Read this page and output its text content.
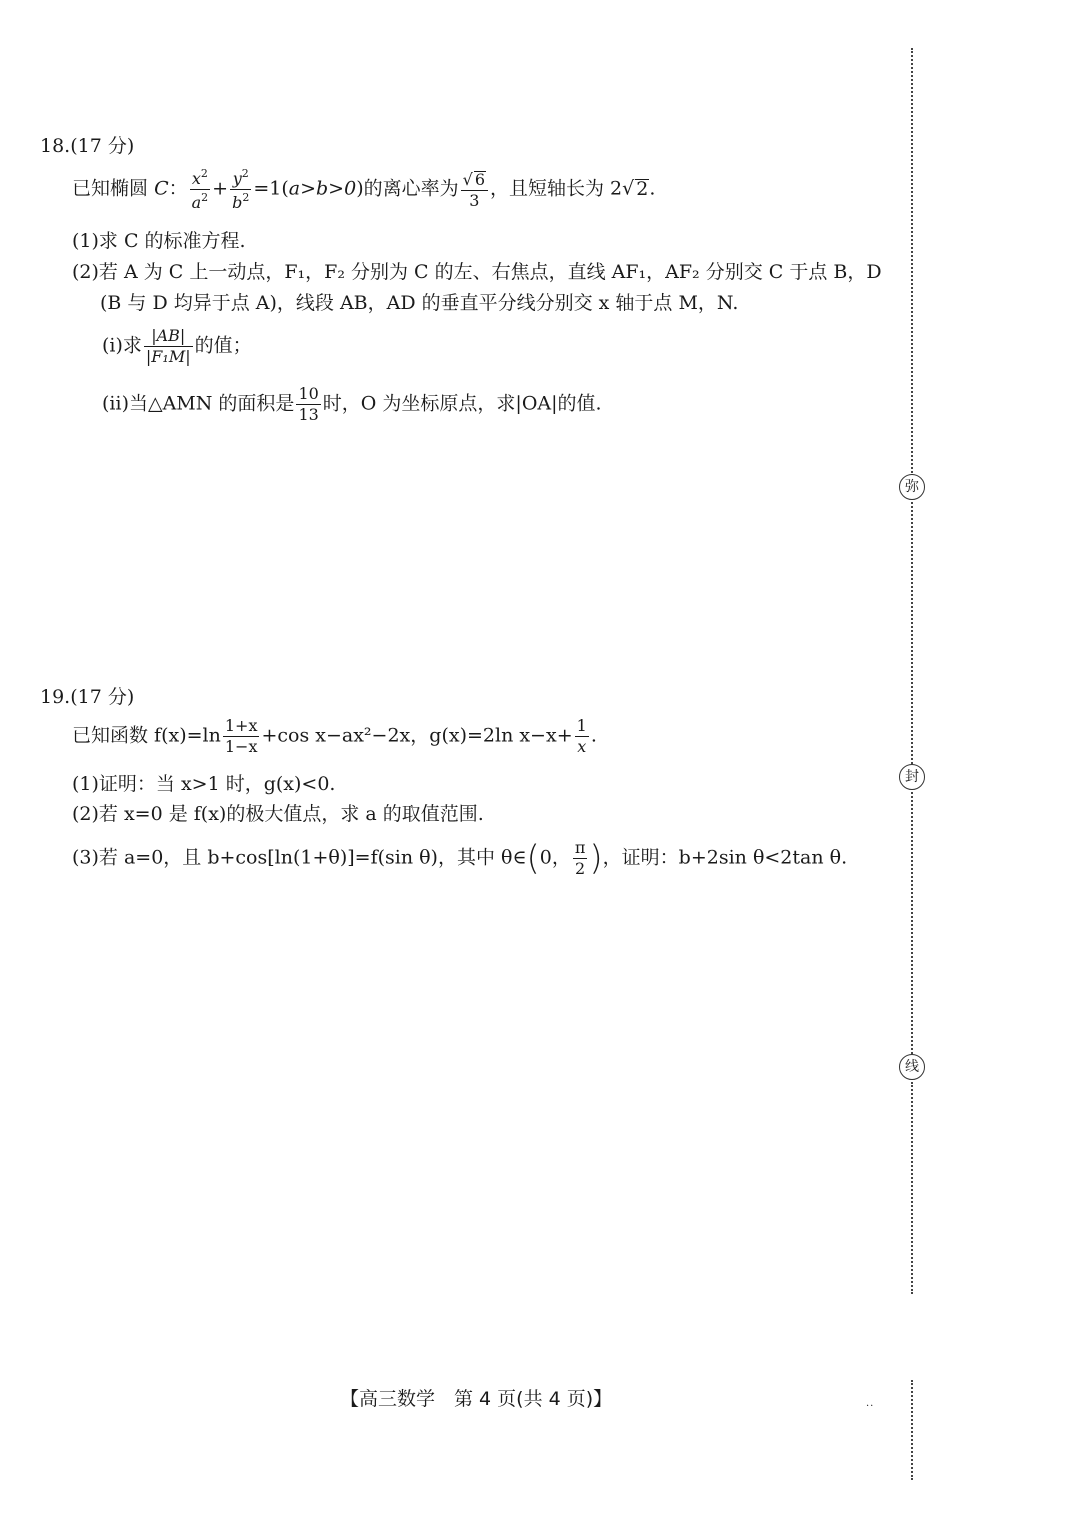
18.(17 分)
已知椭圆 C： $\frac{x^2}{a^2} + \frac{y^2}{b^2} =1(a>b>0)$的离心率为 $\frac{√ 6}{3}$ ，且短轴长为 2√ 2.
(1)求 C 的标准方程.
(2)若 A 为 C 上一动点，F₁，F₂ 分别为 C 的左、右焦点，直线 AF₁，AF₂ 分别交 C 于点 B，D
(B 与 D 均异于点 A)，线段 AB，AD 的垂直平分线分别交 x 轴于点 M，N.
(ⅰ)求 $\frac{|AB|}{\text{|F₁M|}}$ 的值；
(ⅱ)当△AMN 的面积是 $\frac{10}{13}$ 时，O 为坐标原点，求|OA|的值.
19.(17 分)
已知函数 $f(x)=\ln \frac{1+x}{1-x} +\cos$ x−ax²−2x，g(x)=2ln $x-x+ \frac{1}{x}$ .
(1)证明：当 x>1 时，g(x)<0.
(2)若 x=0 是 f(x)的极大值点，求 a 的取值范围.
(3)若 a=0，且 b+cos[ln(1+θ)]=f(sin θ)，其中 θ∈(0， $\frac{\pi}{2}$ )，证明：b+2sin θ<2tan θ.
弥
封
线
【高三数学　第 4 页(共 4 页)】	..
